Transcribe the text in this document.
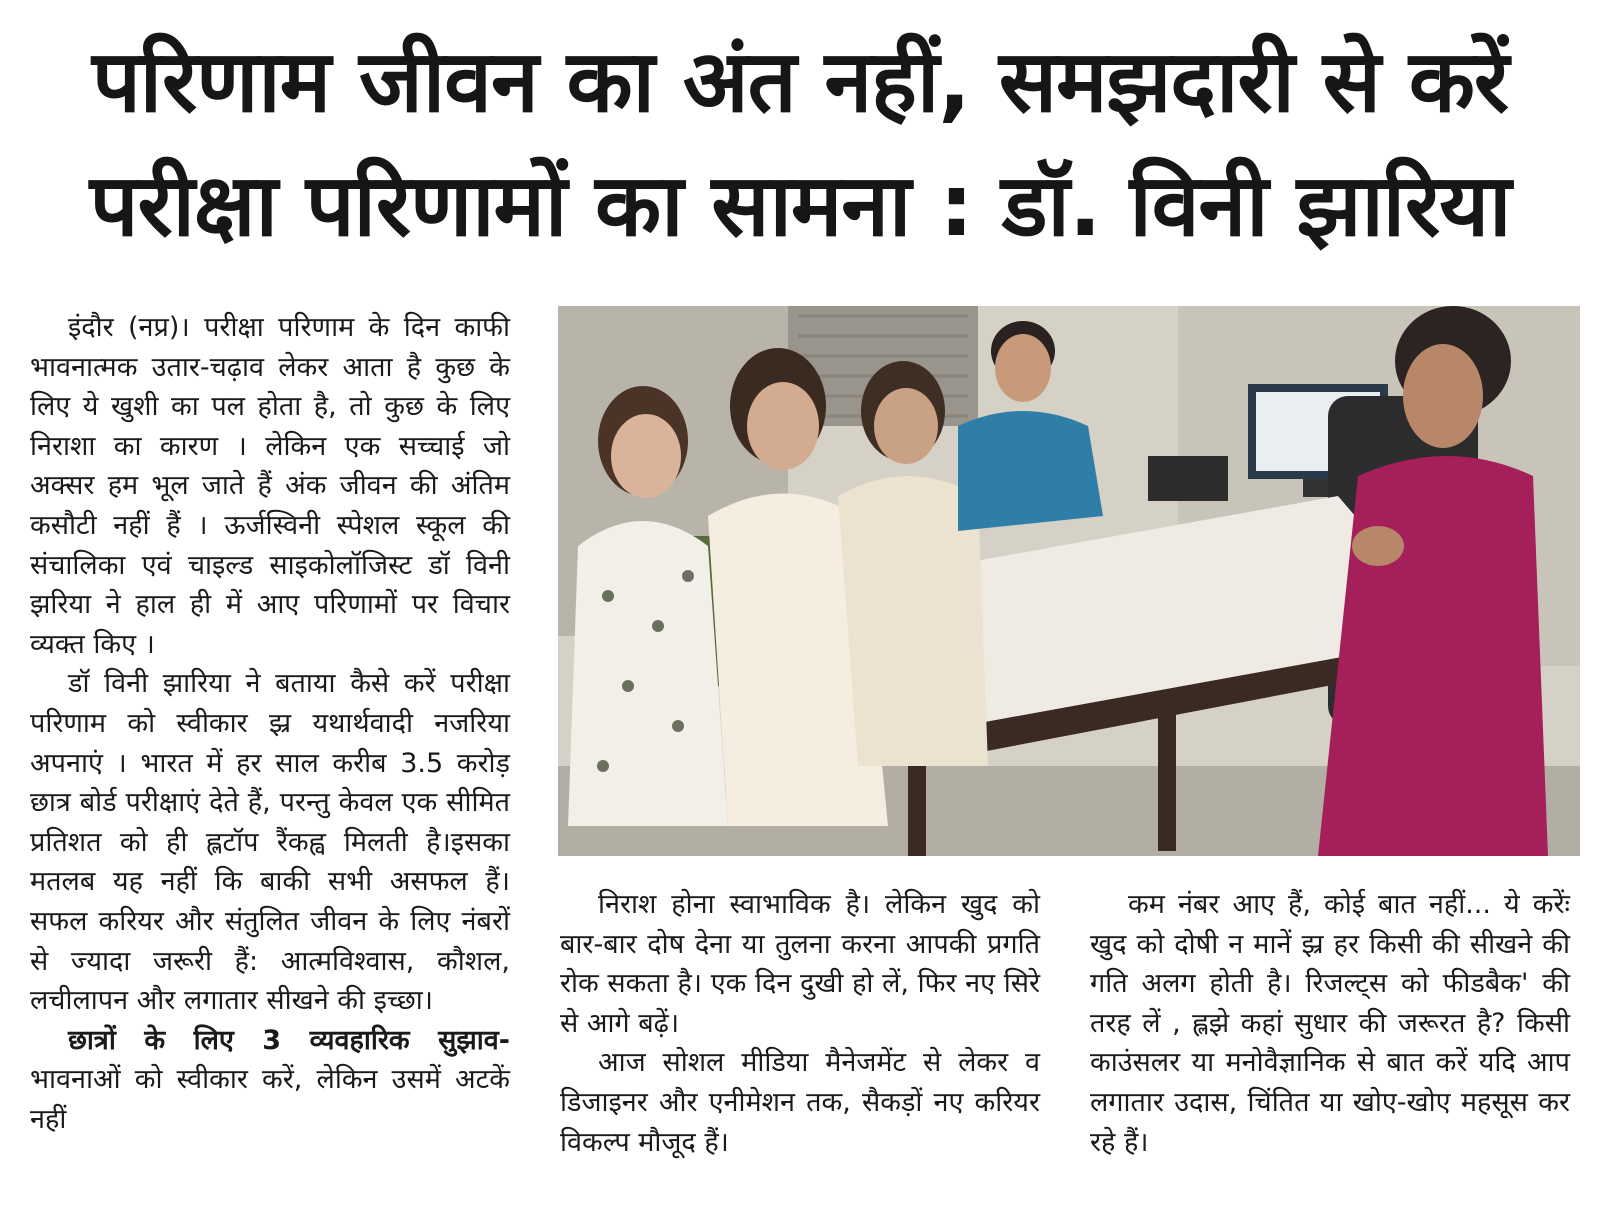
परिणाम जीवन का अंत नहीं, समझदारी से करें
परीक्षा परिणामों का सामना : डॉ. विनी झारिया

इंदौर (नप्र)। परीक्षा परिणाम के दिन काफी भावनात्मक उतार-चढ़ाव लेकर आता है कुछ के लिए ये खुशी का पल होता है, तो कुछ के लिए निराशा का कारण । लेकिन एक सच्चाई जो अक्सर हम भूल जाते हैं अंक जीवन की अंतिम कसौटी नहीं हैं । ऊर्जस्विनी स्पेशल स्कूल की संचालिका एवं चाइल्ड साइकोलॉजिस्ट डॉ विनी झरिया ने हाल ही में आए परिणामों पर विचार व्यक्त किए ।

डॉ विनी झारिया ने बताया कैसे करें परीक्षा परिणाम को स्वीकार झ्र यथार्थवादी नजरिया अपनाएं । भारत में हर साल करीब 3.5 करोड़ छात्र बोर्ड परीक्षाएं देते हैं, परन्तु केवल एक सीमित प्रतिशत को ही ह्लटॉप रैंकह्व मिलती है।इसका मतलब यह नहीं कि बाकी सभी असफल हैं। सफल करियर और संतुलित जीवन के लिए नंबरों से ज्यादा जरूरी हैं: आत्मविश्वास, कौशल, लचीलापन और लगातार सीखने की इच्छा।

छात्रों के लिए 3 व्यवहारिक सुझाव- भावनाओं को स्वीकार करें, लेकिन उसमें अटकें नहीं

निराश होना स्वाभाविक है। लेकिन खुद को बार-बार दोष देना या तुलना करना आपकी प्रगति रोक सकता है। एक दिन दुखी हो लें, फिर नए सिरे से आगे बढ़ें।

आज सोशल मीडिया मैनेजमेंट से लेकर व डिजाइनर और एनीमेशन तक, सैकड़ों नए करियर विकल्प मौजूद हैं।

कम नंबर आए हैं, कोई बात नहीं... ये करेंः खुद को दोषी न मानें झ्र हर किसी की सीखने की गति अलग होती है। रिजल्ट्स को फीडबैक' की तरह लें , ह्लझे कहां सुधार की जरूरत है? किसी काउंसलर या मनोवैज्ञानिक से बात करें यदि आप लगातार उदास, चिंतित या खोए-खोए महसूस कर रहे हैं।
